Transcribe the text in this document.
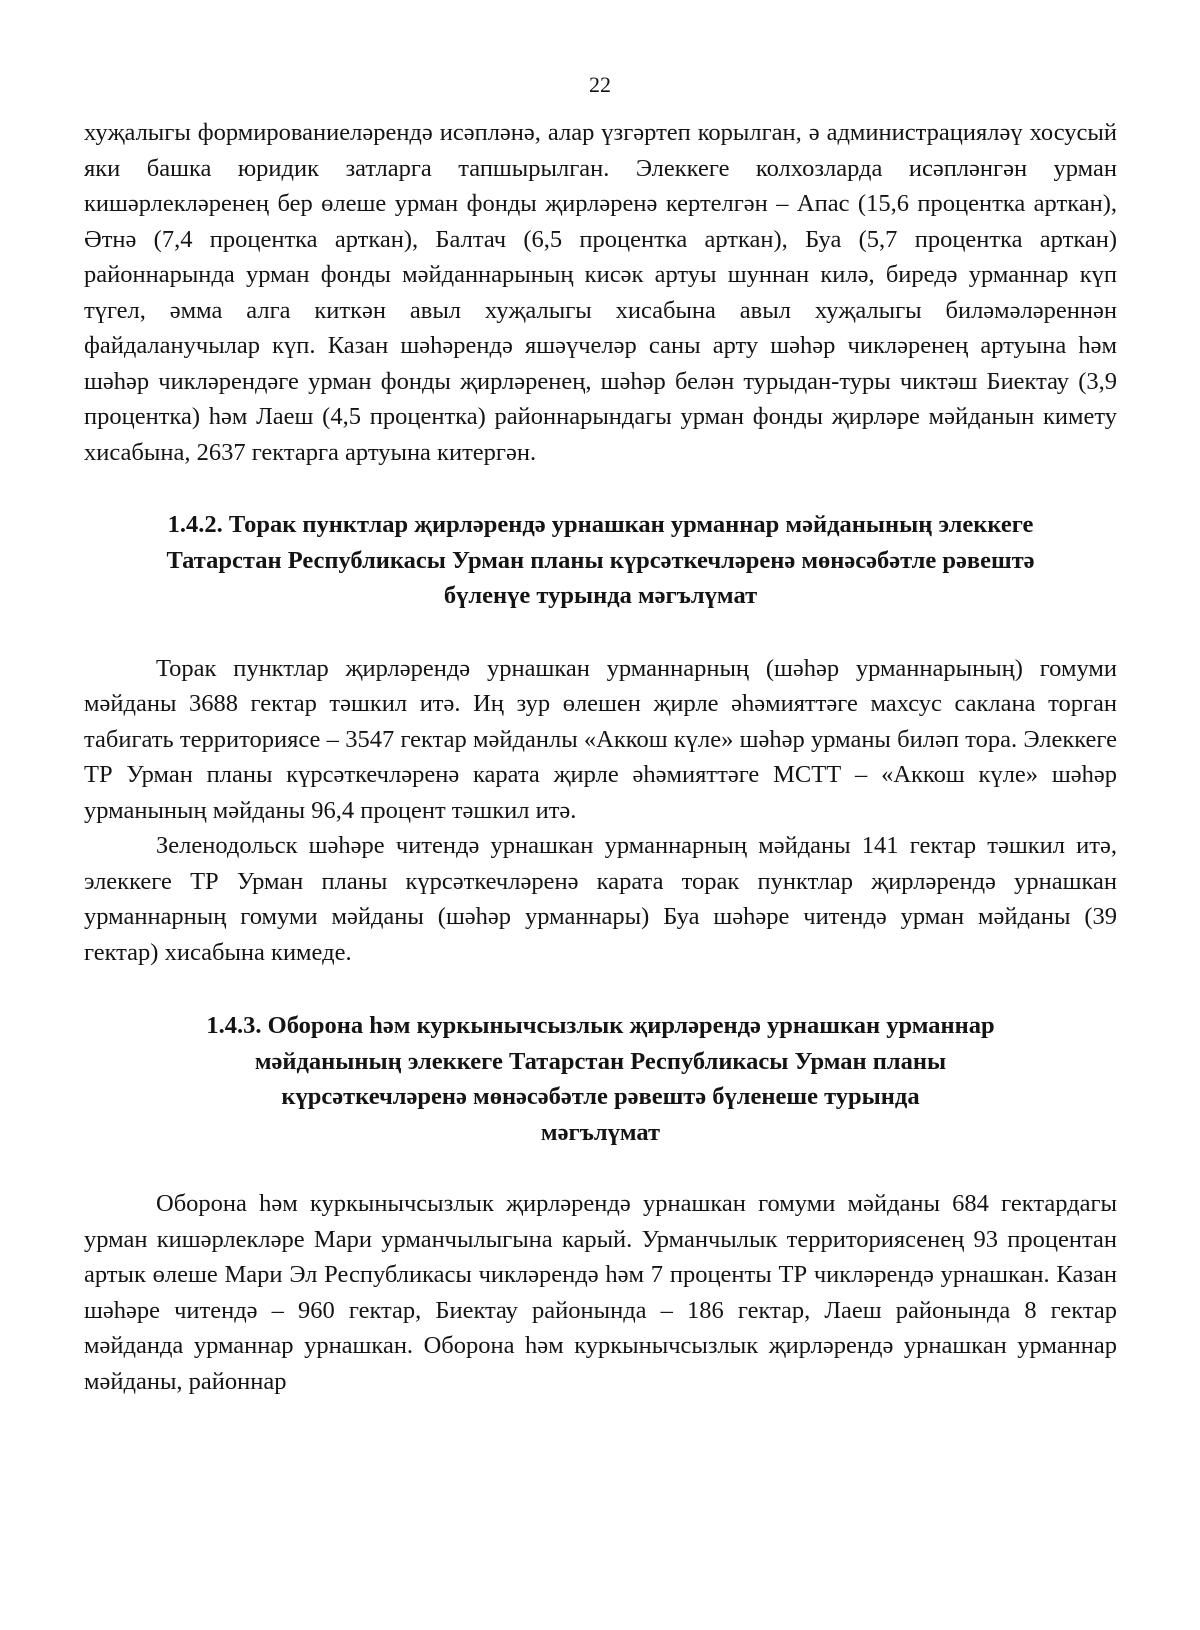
22

хуҗалыгы формированиеләрендә исәпләнә, алар үзгәртеп корылган, ә администрацияләү хосусый яки башка юридик затларга тапшырылган. Элеккеге колхозларда исәпләнгән урман кишәрлекләренең бер өлеше урман фонды җирләренә кертелгән – Апас (15,6 процентка арткан), Әтнә (7,4 процентка арткан), Балтач (6,5 процентка арткан), Буа (5,7 процентка арткан) районнарында урман фонды мәйданнарының кисәк артуы шуннан килә, биредә урманнар күп түгел, әмма алга киткән авыл хуҗалыгы хисабына авыл хуҗалыгы биләмәләреннән файдаланучылар күп. Казан шәһәрендә яшәүчеләр саны арту шәһәр чикләренең артуына һәм шәһәр чикләрендәге урман фонды җирләренең, шәһәр белән турыдан-туры чиктәш Биектау (3,9 процентка) һәм Лаеш (4,5 процентка) районнарындагы урман фонды җирләре мәйданын кимету хисабына, 2637 гектарга артуына китергән.

1.4.2. Торак пунктлар җирләрендә урнашкан урманнар мәйданының элеккеге
Татарстан Республикасы Урман планы күрсәткечләренә мөнәсәбәтле рәвештә
бүленүе турында мәгълүмат

Торак пунктлар җирләрендә урнашкан урманнарның (шәһәр урманнарының) гомуми мәйданы 3688 гектар тәшкил итә. Иң зур өлешен җирле әһәмияттәге махсус саклана торган табигать территориясе – 3547 гектар мәйданлы «Аккош күле» шәһәр урманы биләп тора. Элеккеге ТР Урман планы күрсәткечләренә карата җирле әһәмияттәге МСТТ – «Аккош күле» шәһәр урманының мәйданы 96,4 процент тәшкил итә.

Зеленодольск шәһәре читендә урнашкан урманнарның мәйданы 141 гектар тәшкил итә, элеккеге ТР Урман планы күрсәткечләренә карата торак пунктлар җирләрендә урнашкан урманнарның гомуми мәйданы (шәһәр урманнары) Буа шәһәре читендә урман мәйданы (39 гектар) хисабына кимеде.

1.4.3. Оборона һәм куркынычсызлык җирләрендә урнашкан урманнар
мәйданының элеккеге Татарстан Республикасы Урман планы
күрсәткечләренә мөнәсәбәтле рәвештә бүленеше турында
мәгълүмат

Оборона һәм куркынычсызлык җирләрендә урнашкан гомуми мәйданы 684 гектардагы урман кишәрлекләре Мари урманчылыгына карый. Урманчылык территориясенең 93 процентан артык өлеше Мари Эл Республикасы чикләрендә һәм 7 проценты ТР чикләрендә урнашкан. Казан шәһәре читендә – 960 гектар, Биектау районында – 186 гектар, Лаеш районында 8 гектар мәйданда урманнар урнашкан. Оборона һәм куркынычсызлык җирләрендә урнашкан урманнар мәйданы, районнар
